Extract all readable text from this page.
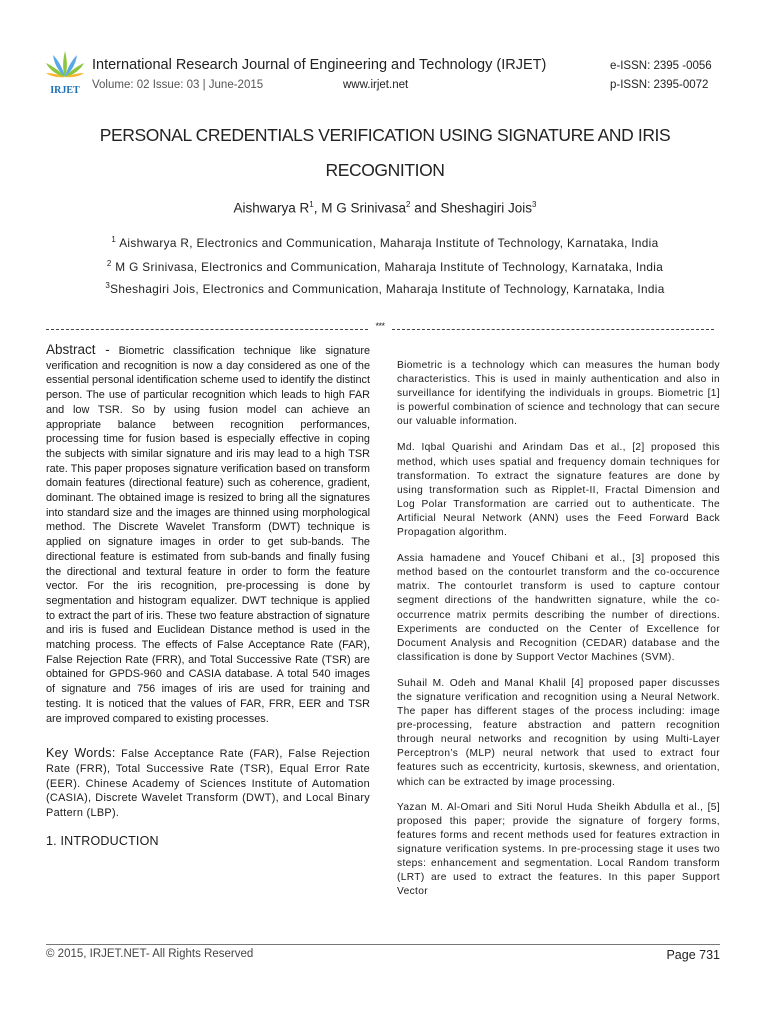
IRJET
International Research Journal of Engineering and Technology (IRJET)
Volume: 02 Issue: 03 | June-2015	www.irjet.net
e-ISSN: 2395 -0056
p-ISSN: 2395-0072
PERSONAL CREDENTIALS VERIFICATION USING SIGNATURE AND IRIS RECOGNITION
Aishwarya $R^1$, M G Srinivasa$^2$ and Sheshagiri Jois$^3$
$^1$ Aishwarya R, Electronics and Communication, Maharaja Institute of Technology, Karnataka, India
$^2$ M G Srinivasa, Electronics and Communication, Maharaja Institute of Technology, Karnataka, India
$^3$Sheshagiri Jois, Electronics and Communication, Maharaja Institute of Technology, Karnataka, India
***
Abstract - Biometric classification technique like signature verification and recognition is now a day considered as one of the essential personal identification scheme used to identify the distinct person. The use of particular recognition which leads to high FAR and low TSR. So by using fusion model can achieve an appropriate balance between recognition performances, processing time for fusion based is especially effective in coping the subjects with similar signature and iris may lead to a high TSR rate. This paper proposes signature verification based on transform domain features (directional feature) such as coherence, gradient, dominant. The obtained image is resized to bring all the signatures into standard size and the images are thinned using morphological method. The Discrete Wavelet Transform (DWT) technique is applied on signature images in order to get sub-bands. The directional feature is estimated from sub-bands and finally fusing the directional and textural feature in order to form the feature vector. For the iris recognition, pre-processing is done by segmentation and histogram equalizer. DWT technique is applied to extract the part of iris. These two feature abstraction of signature and iris is fused and Euclidean Distance method is used in the matching process. The effects of False Acceptance Rate (FAR), False Rejection Rate (FRR), and Total Successive Rate (TSR) are obtained for GPDS-960 and CASIA database. A total 540 images of signature and 756 images of iris are used for training and testing. It is noticed that the values of FAR, FRR, EER and TSR are improved compared to existing processes.
Key Words: False Acceptance Rate (FAR), False Rejection Rate (FRR), Total Successive Rate (TSR), Equal Error Rate (EER). Chinese Academy of Sciences Institute of Automation (CASIA), Discrete Wavelet Transform (DWT), and Local Binary Pattern (LBP).
1. INTRODUCTION

Biometric is a technology which can measures the human body characteristics. This is used in mainly authentication and also in surveillance for identifying the individuals in groups. Biometric [1] is powerful combination of science and technology that can secure our valuable information.

Md. Iqbal Quarishi and Arindam Das et al., [2] proposed this method, which uses spatial and frequency domain techniques for transformation. To extract the signature features are done by using transformation such as Ripplet-II, Fractal Dimension and Log Polar Transformation are carried out to authenticate. The Artificial Neural Network (ANN) uses the Feed Forward Back Propagation algorithm.

Assia hamadene and Youcef Chibani et al., [3] proposed this method based on the contourlet transform and the co-occurence matrix. The contourlet transform is used to capture contour segment directions of the handwritten signature, while the co-occurrence matrix permits describing the number of directions. Experiments are conducted on the Center of Excellence for Document Analysis and Recognition (CEDAR) database and the classification is done by Support Vector Machines (SVM).

Suhail M. Odeh and Manal Khalil [4] proposed paper discusses the signature verification and recognition using a Neural Network. The paper has different stages of the process including: image pre-processing, feature abstraction and pattern recognition through neural networks and recognition by using Multi-Layer Perceptron’s (MLP) neural network that used to extract four features such as eccentricity, kurtosis, skewness, and orientation, which can be extracted by image processing.

Yazan M. Al-Omari and Siti Norul Huda Sheikh Abdulla et al., [5] proposed this paper; provide the signature of forgery forms, features forms and recent methods used for features extraction in signature verification systems. In pre-processing stage it uses two steps: enhancement and segmentation. Local Random transform (LRT) are used to extract the features. In this paper Support Vector

© 2015, IRJET.NET- All Rights Reserved	Page 731
